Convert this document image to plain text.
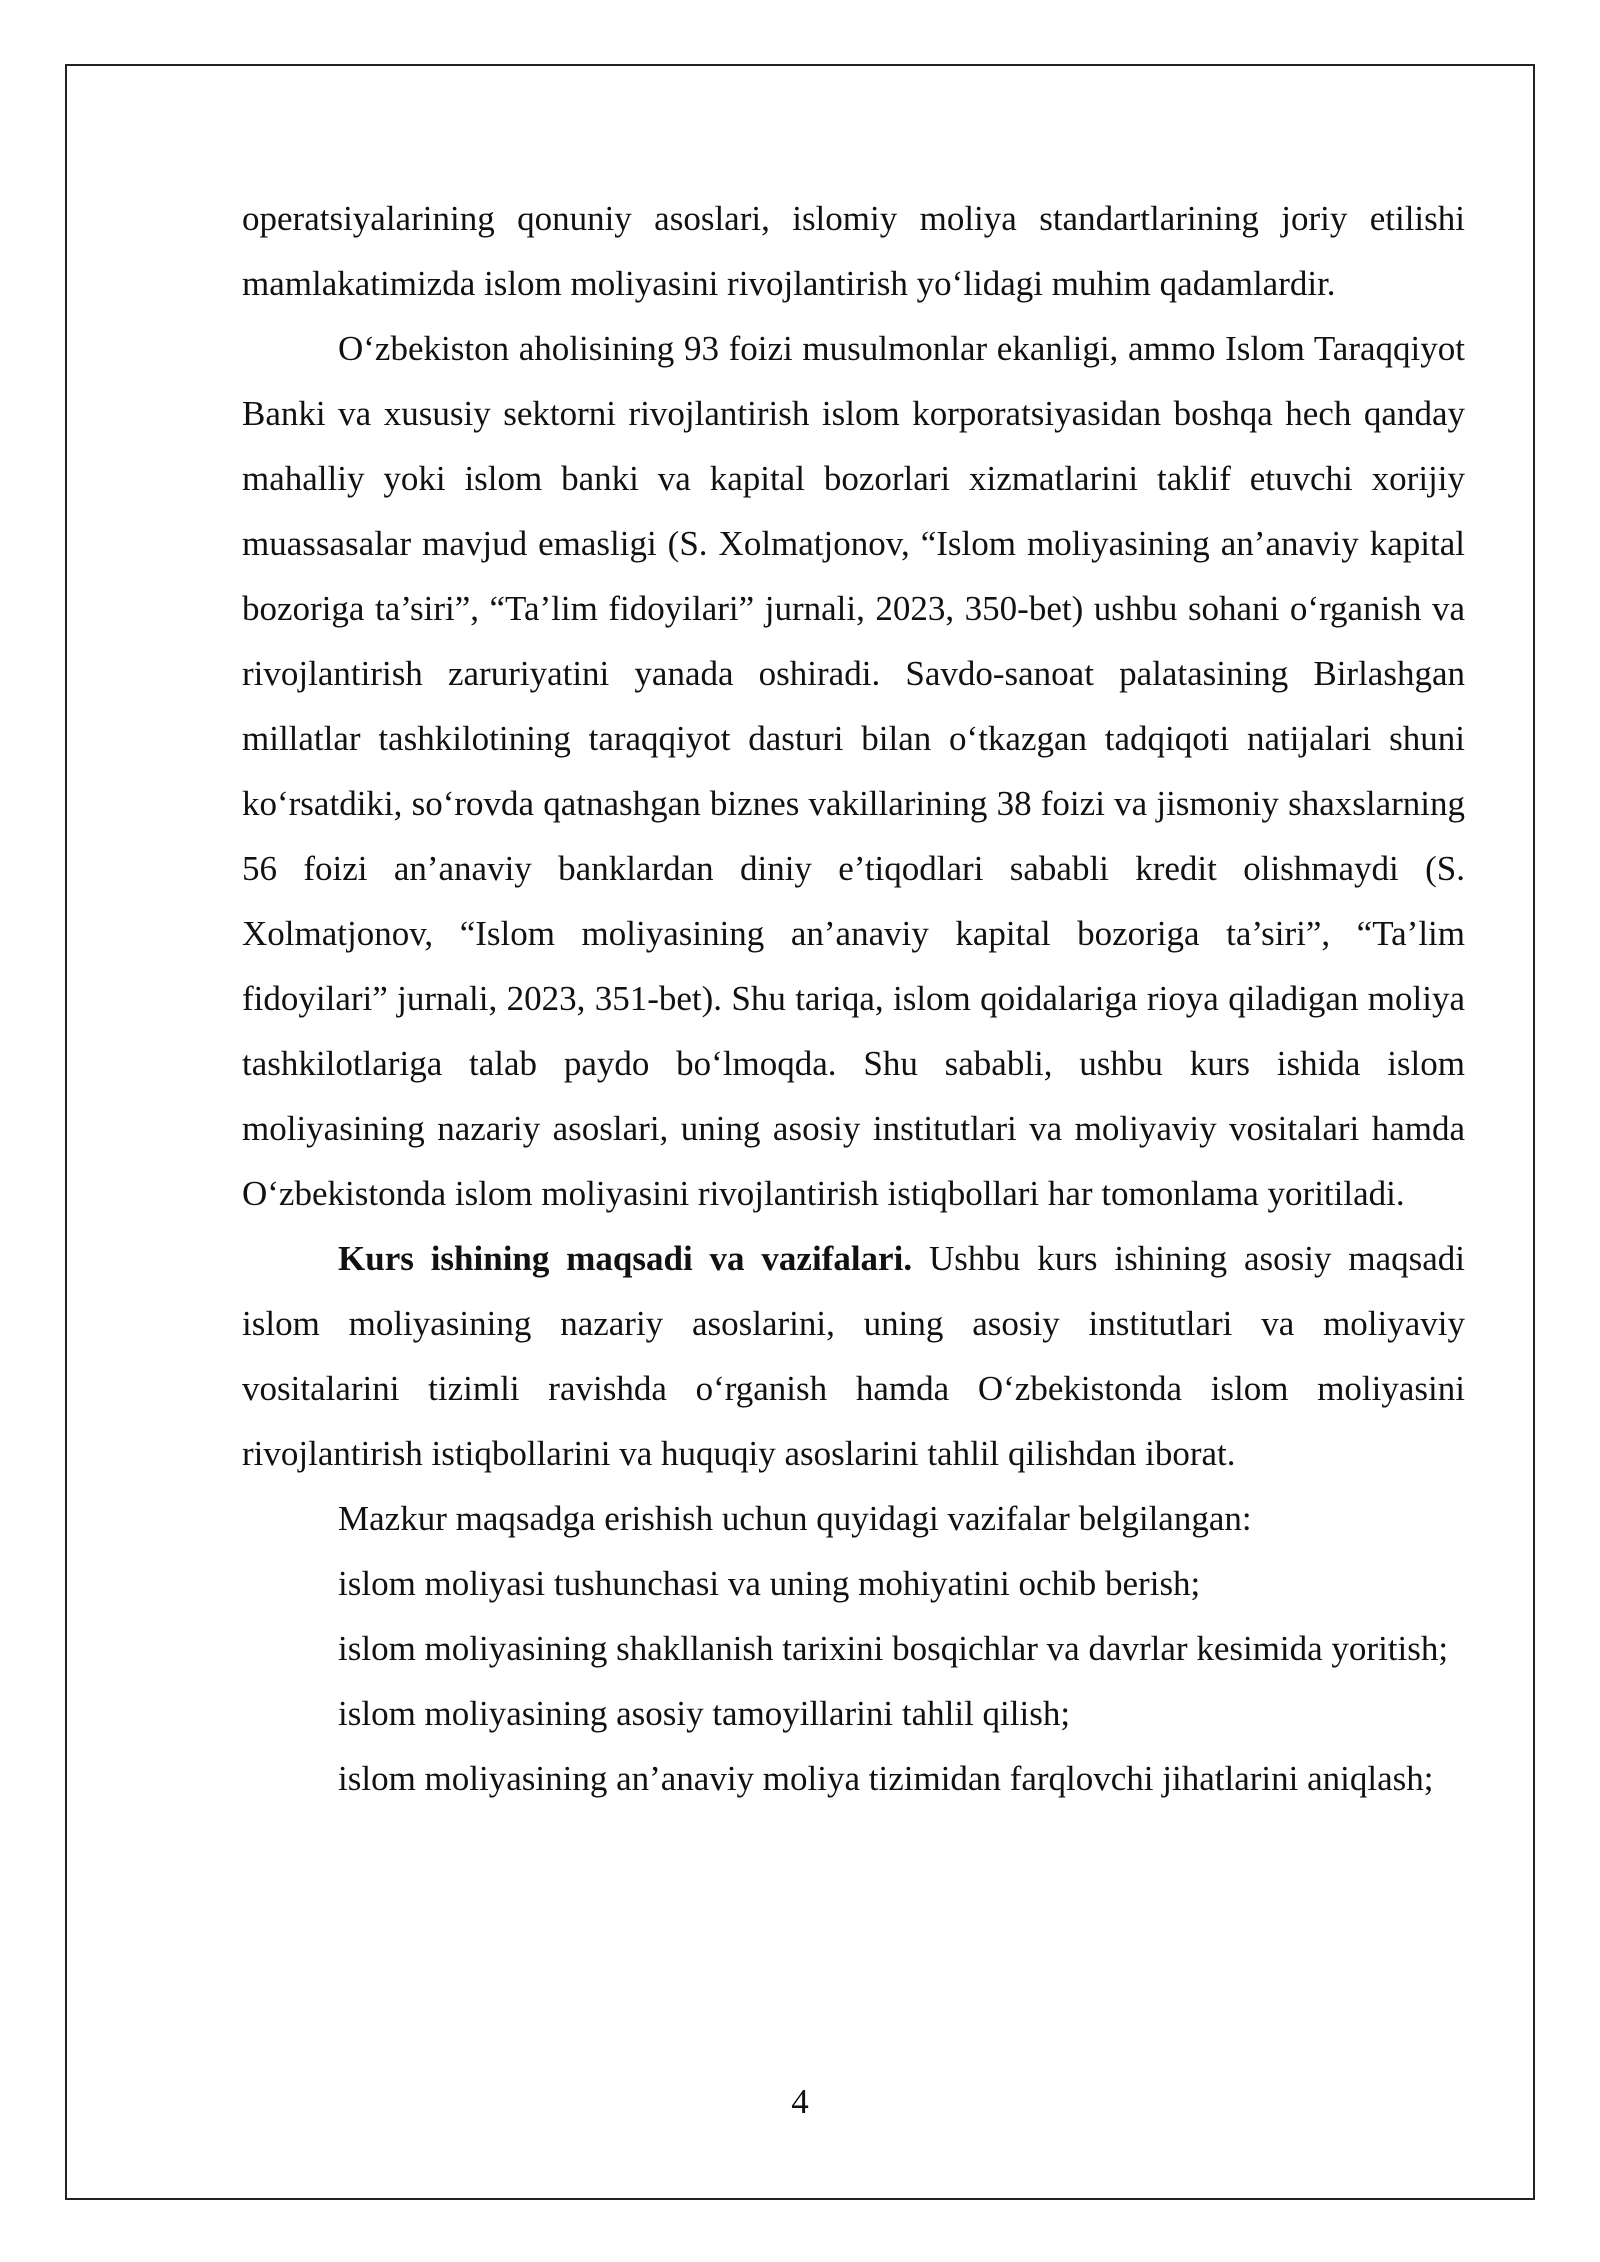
operatsiyalarining qonuniy asoslari, islomiy moliya standartlarining joriy etilishi mamlakatimizda islom moliyasini rivojlantirish yo‘lidagi muhim qadamlardir.

O‘zbekiston aholisining 93 foizi musulmonlar ekanligi, ammo Islom Taraqqiyot Banki va xususiy sektorni rivojlantirish islom korporatsiyasidan boshqa hech qanday mahalliy yoki islom banki va kapital bozorlari xizmatlarini taklif etuvchi xorijiy muassasalar mavjud emasligi (S. Xolmatjonov, “Islom moliyasining an’anaviy kapital bozoriga ta’siri”, “Ta’lim fidoyilari” jurnali, 2023, 350-bet) ushbu sohani o‘rganish va rivojlantirish zaruriyatini yanada oshiradi. Savdo-sanoat palatasining Birlashgan millatlar tashkilotining taraqqiyot dasturi bilan o‘tkazgan tadqiqoti natijalari shuni ko‘rsatdiki, so‘rovda qatnashgan biznes vakillarining 38 foizi va jismoniy shaxslarning 56 foizi an’anaviy banklardan diniy e’tiqodlari sababli kredit olishmaydi (S. Xolmatjonov, “Islom moliyasining an’anaviy kapital bozoriga ta’siri”, “Ta’lim fidoyilari” jurnali, 2023, 351-bet). Shu tariqa, islom qoidalariga rioya qiladigan moliya tashkilotlariga talab paydo bo‘lmoqda. Shu sababli, ushbu kurs ishida islom moliyasining nazariy asoslari, uning asosiy institutlari va moliyaviy vositalari hamda O‘zbekistonda islom moliyasini rivojlantirish istiqbollari har tomonlama yoritiladi.

Kurs ishining maqsadi va vazifalari. Ushbu kurs ishining asosiy maqsadi islom moliyasining nazariy asoslarini, uning asosiy institutlari va moliyaviy vositalarini tizimli ravishda o‘rganish hamda O‘zbekistonda islom moliyasini rivojlantirish istiqbollarini va huquqiy asoslarini tahlil qilishdan iborat.

Mazkur maqsadga erishish uchun quyidagi vazifalar belgilangan:

islom moliyasi tushunchasi va uning mohiyatini ochib berish;

islom moliyasining shakllanish tarixini bosqichlar va davrlar kesimida yoritish;

islom moliyasining asosiy tamoyillarini tahlil qilish;

islom moliyasining an’anaviy moliya tizimidan farqlovchi jihatlarini aniqlash;

4
